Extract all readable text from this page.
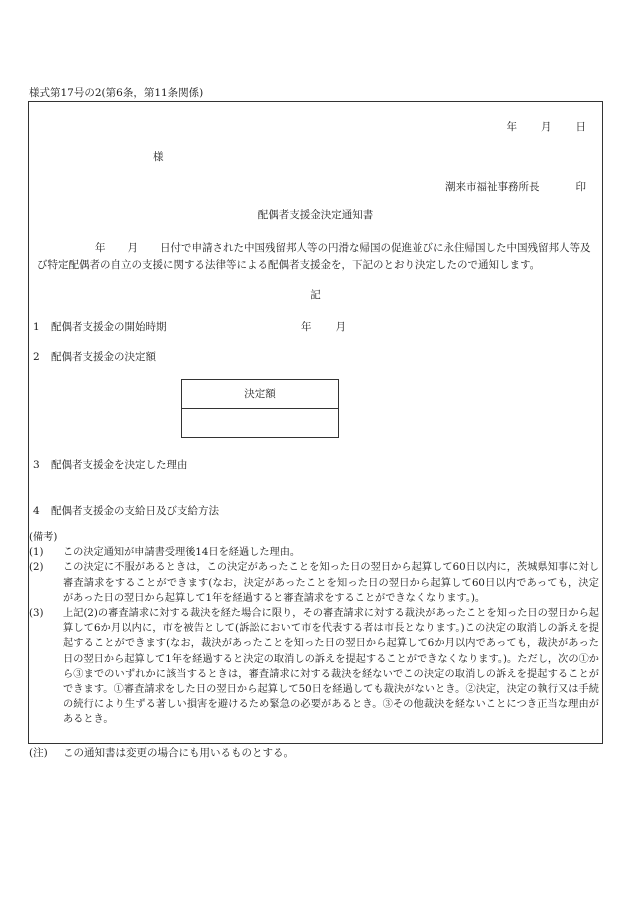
様式第17号の2(第6条，第11条関係)
年 月 日
様
潮来市福祉事務所長	印
配偶者支援金決定通知書
年 月 日付で申請された中国残留邦人等の円滑な帰国の促進並びに永住帰国した中国残留邦人等及び特定配偶者の自立の支援に関する法律等による配偶者支援金を，下記のとおり決定したので通知します。
記
1 配偶者支援金の開始時期	年 月
2 配偶者支援金の決定額
決定額
3 配偶者支援金を決定した理由
4 配偶者支援金の支給日及び支給方法
(備考)
(1)	この決定通知が申請書受理後14日を経過した理由。
(2)	この決定に不服があるときは，この決定があったことを知った日の翌日から起算して60日以内に，茨城県知事に対し審査請求をすることができます(なお，決定があったことを知った日の翌日から起算して60日以内であっても，決定があった日の翌日から起算して1年を経過すると審査請求をすることができなくなります。)。
(3)	上記(2)の審査請求に対する裁決を経た場合に限り，その審査請求に対する裁決があったことを知った日の翌日から起算して6か月以内に，市を被告として(訴訟において市を代表する者は市長となります。)この決定の取消しの訴えを提起することができます(なお，裁決があったことを知った日の翌日から起算して6か月以内であっても，裁決があった日の翌日から起算して1年を経過すると決定の取消しの訴えを提起することができなくなります。)。ただし，次の①から③までのいずれかに該当するときは，審査請求に対する裁決を経ないでこの決定の取消しの訴えを提起することができます。①審査請求をした日の翌日から起算して50日を経過しても裁決がないとき。②決定，決定の執行又は手続の続行により生ずる著しい損害を避けるため緊急の必要があるとき。③その他裁決を経ないことにつき正当な理由があるとき。
(注) この通知書は変更の場合にも用いるものとする。
